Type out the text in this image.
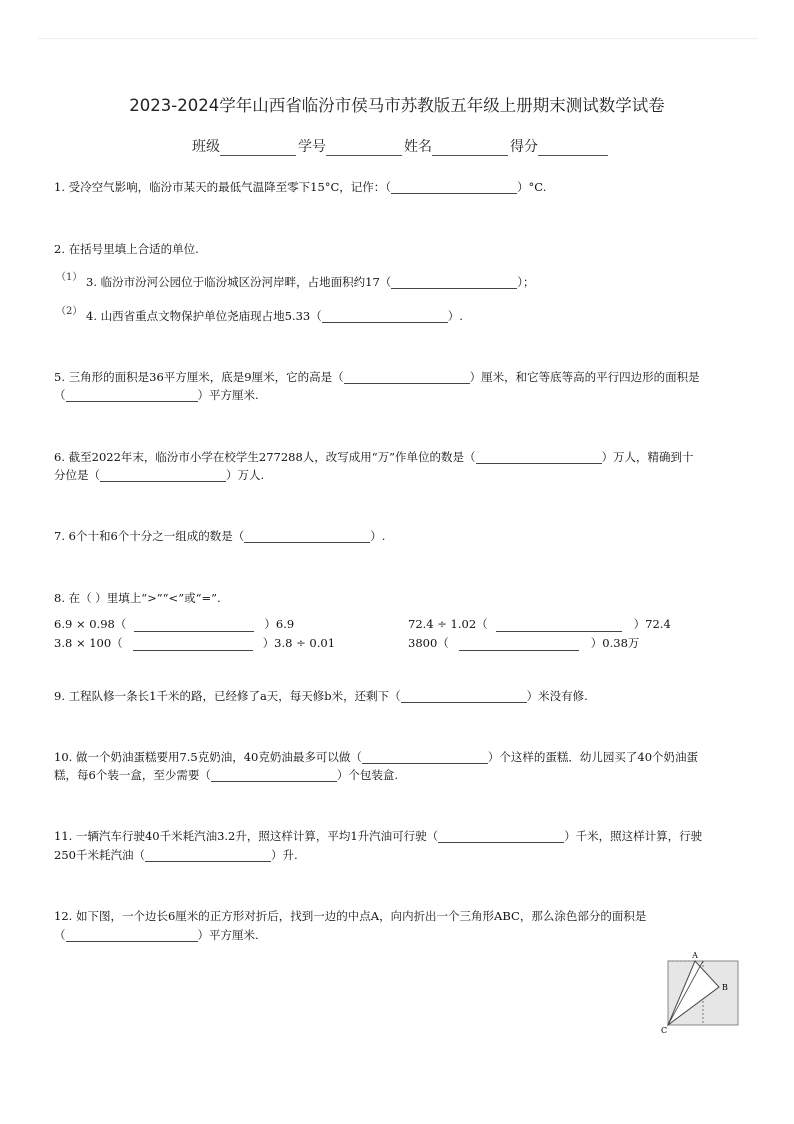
2023-2024学年山西省临汾市侯马市苏教版五年级上册期末测试数学试卷
班级	学号	姓名	得分
1. 受冷空气影响，临汾市某天的最低气温降至零下15°C，记作：（	）°C.
2. 在括号里填上合适的单位.
（1） 3. 临汾市汾河公园位于临汾城区汾河岸畔，占地面积约17（	）；
（2） 4. 山西省重点文物保护单位尧庙现占地5.33（	）.
5. 三角形的面积是36平方厘米，底是9厘米，它的高是（	）厘米，和它等底等高的平行四边形的面积是
（	）平方厘米.
6. 截至2022年末，临汾市小学在校学生277288人，改写成用“万”作单位的数是（	）万人，精确到十
分位是（	）万人.
7. 6个十和6个十分之一组成的数是（	）.
8. 在（ ）里填上“>”“<”或“=”.
6.9 × 0.98（	）6.9	72.4 ÷ 1.02（	）72.4
3.8 × 100（	）3.8 ÷ 0.01	3800（	）0.38万
9. 工程队修一条长1千米的路，已经修了a天，每天修b米，还剩下（	）米没有修.
10. 做一个奶油蛋糕要用7.5克奶油，40克奶油最多可以做（	）个这样的蛋糕．幼儿园买了40个奶油蛋
糕，每6个装一盒，至少需要（	）个包装盒.
11. 一辆汽车行驶40千米耗汽油3.2升，照这样计算，平均1升汽油可行驶（	）千米，照这样计算，行驶
250千米耗汽油（	）升.
12. 如下图，一个边长6厘米的正方形对折后，找到一边的中点A，向内折出一个三角形ABC，那么涂色部分的面积是
（	）平方厘米.
A
B
C
